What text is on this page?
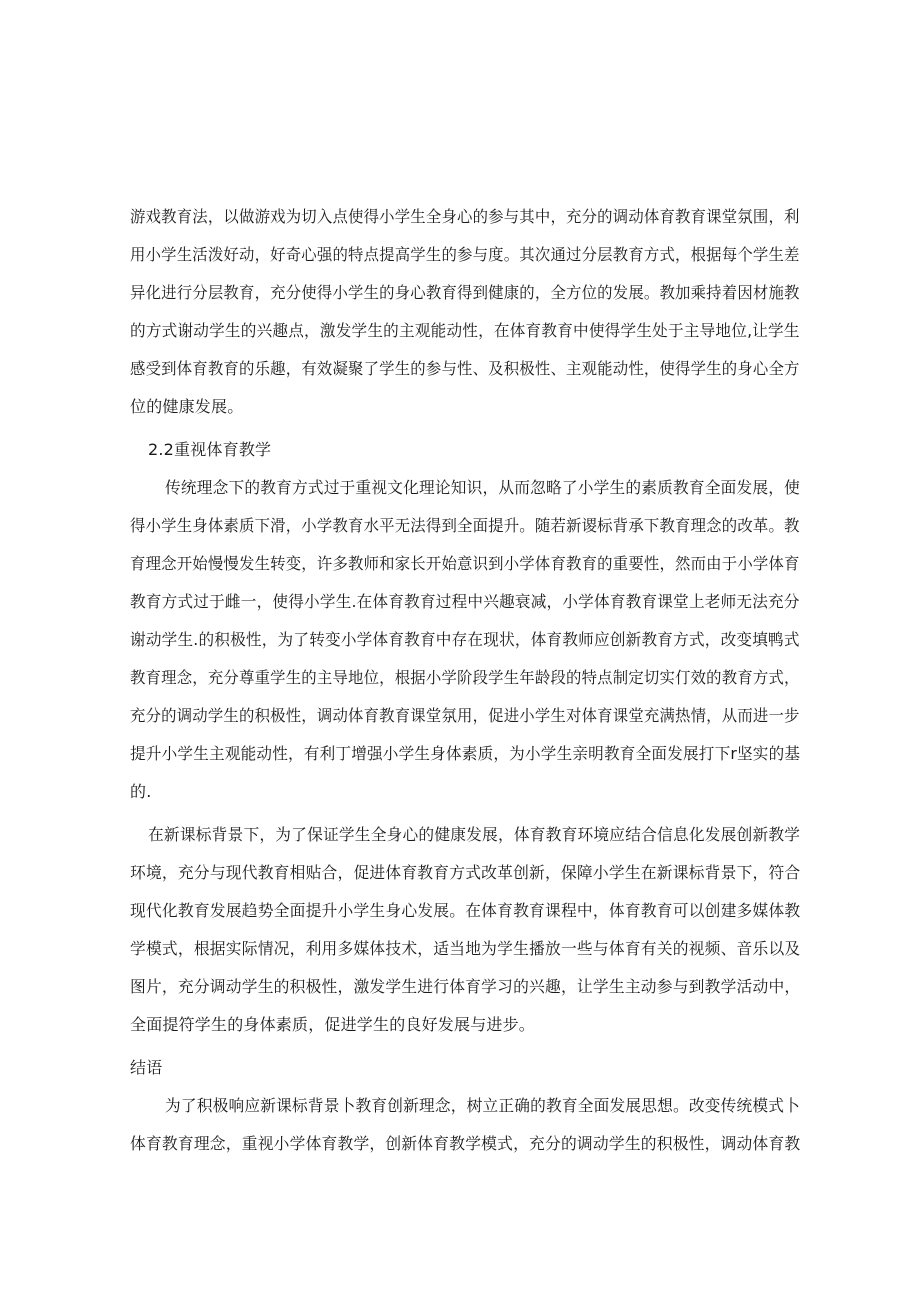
游戏教育法，以做游戏为切入点使得小学生全身心的参与其中，充分的调动体育教育课堂氛围，利
用小学生活泼好动，好奇心强的特点提高学生的参与度。其次通过分层教育方式，根据每个学生差
异化进行分层教育，充分使得小学生的身心教育得到健康的，全方位的发展。教加乘持着因材施教
的方式谢动学生的兴趣点，激发学生的主观能动性，在体育教育中使得学生处于主导地位,让学生
感受到体育教育的乐趣，有效凝聚了学生的参与性、及积极性、主观能动性，使得学生的身心全方
位的健康发展。
2.2重视体育教学
传统理念下的教育方式过于重视文化理论知识，从而忽略了小学生的素质教育全面发展，使
得小学生身体素质下滑，小学教育水平无法得到全面提升。随若新谡标背承下教育理念的改革。教
育理念开始慢慢发生转变，许多教师和家长开始意识到小学体育教育的重要性，然而由于小学体育
教育方式过于雌一，使得小学生.在体育教育过程中兴趣衰减，小学体育教育课堂上老师无法充分
谢动学生.的积极性，为了转变小学体育教育中存在现状，体育教师应创新教育方式，改变填鸭式
教育理念，充分尊重学生的主导地位，根据小学阶段学生年龄段的特点制定切实仃效的教育方式，
充分的调动学生的积极性，调动体育教育课堂氛用，促进小学生对体育课堂充满热情，从而进一步
提升小学生主观能动性，有利丁增强小学生身体素质，为小学生亲明教育全面发展打下r坚实的基
的.
在新课标背景下，为了保证学生全身心的健康发展，体育教育环境应结合信息化发展创新教学
环境，充分与现代教育相贴合，促进体育教育方式改革创新，保障小学生在新课标背景下，符合
现代化教育发展趋势全面提升小学生身心发展。在体育教育课程中，体育教育可以创建多媒体教
学模式，根据实际情况，利用多媒体技术，适当地为学生播放一些与体育有关的视频、音乐以及
图片，充分调动学生的积极性，激发学生进行体育学习的兴趣，让学生主动参与到教学活动中，
全面提符学生的身体素质，促进学生的良好发展与进步。
结语
为了积极响应新课标背景卜教育创新理念，树立正确的教育全面发展思想。改变传统模式卜
体育教育理念，重视小学体育教学，创新体育教学模式，充分的调动学生的积极性，调动体育教
